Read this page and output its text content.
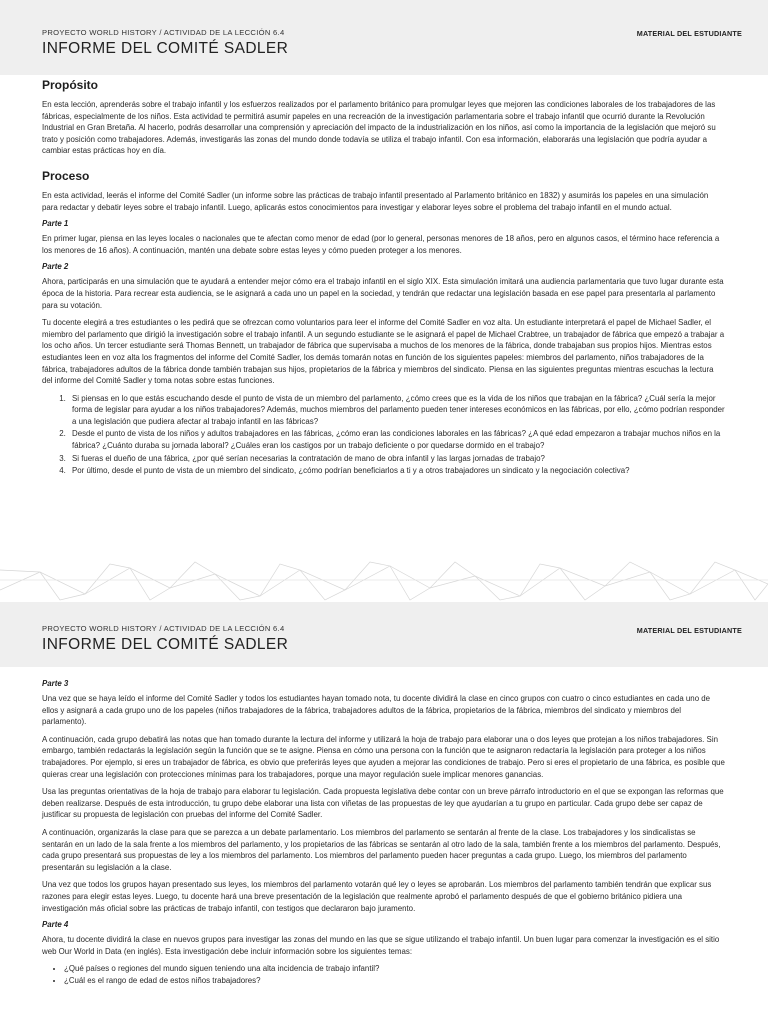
PROYECTO WORLD HISTORY / ACTIVIDAD DE LA LECCIÓN 6.4
INFORME DEL COMITÉ SADLER
MATERIAL DEL ESTUDIANTE
Propósito

En esta lección, aprenderás sobre el trabajo infantil y los esfuerzos realizados por el parlamento británico para promulgar leyes que mejoren las condiciones laborales de los trabajadores de las fábricas, especialmente de los niños. Esta actividad te permitirá asumir papeles en una recreación de la investigación parlamentaria sobre el trabajo infantil que ocurrió durante la Revolución Industrial en Gran Bretaña. Al hacerlo, podrás desarrollar una comprensión y apreciación del impacto de la industrialización en los niños, así como la importancia de la legislación que mejoró su trato y posición como trabajadores. Además, investigarás las zonas del mundo donde todavía se utiliza el trabajo infantil. Con esa información, elaborarás una legislación que podría ayudar a cambiar estas prácticas hoy en día.

Proceso

En esta actividad, leerás el informe del Comité Sadler (un informe sobre las prácticas de trabajo infantil presentado al Parlamento británico en 1832) y asumirás los papeles en una simulación para redactar y debatir leyes sobre el trabajo infantil. Luego, aplicarás estos conocimientos para investigar y elaborar leyes sobre el problema del trabajo infantil en el mundo actual.

Parte 1

En primer lugar, piensa en las leyes locales o nacionales que te afectan como menor de edad (por lo general, personas menores de 18 años, pero en algunos casos, el término hace referencia a los menores de 16 años). A continuación, mantén una debate sobre estas leyes y cómo pueden proteger a los menores.

Parte 2

Ahora, participarás en una simulación que te ayudará a entender mejor cómo era el trabajo infantil en el siglo XIX. Esta simulación imitará una audiencia parlamentaria que tuvo lugar durante esta época de la historia. Para recrear esta audiencia, se le asignará a cada uno un papel en la sociedad, y tendrán que redactar una legislación basada en ese papel para presentarla al parlamento para su votación.

Tu docente elegirá a tres estudiantes o les pedirá que se ofrezcan como voluntarios para leer el informe del Comité Sadler en voz alta. Un estudiante interpretará el papel de Michael Sadler, el miembro del parlamento que dirigió la investigación sobre el trabajo infantil. A un segundo estudiante se le asignará el papel de Michael Crabtree, un trabajador de fábrica que empezó a trabajar a los ocho años. Un tercer estudiante será Thomas Bennett, un trabajador de fábrica que supervisaba a muchos de los menores de la fábrica, donde trabajaban sus propios hijos. Mientras estos estudiantes leen en voz alta los fragmentos del informe del Comité Sadler, los demás tomarán notas en función de los siguientes papeles: miembros del parlamento, niños trabajadores de la fábrica, trabajadores adultos de la fábrica donde también trabajan sus hijos, propietarios de la fábrica y miembros del sindicato. Piensa en las siguientes preguntas mientras escuchas la lectura del informe del Comité Sadler y toma notas sobre estas funciones.

1. Si piensas en lo que estás escuchando desde el punto de vista de un miembro del parlamento, ¿cómo crees que es la vida de los niños que trabajan en la fábrica? ¿Cuál sería la mejor forma de legislar para ayudar a los niños trabajadores? Además, muchos miembros del parlamento pueden tener intereses económicos en las fábricas, por ello, ¿cómo podrían responder a una legislación que pudiera afectar al trabajo infantil en las fábricas?
2. Desde el punto de vista de los niños y adultos trabajadores en las fábricas, ¿cómo eran las condiciones laborales en las fábricas? ¿A qué edad empezaron a trabajar muchos niños en la fábrica? ¿Cuánto duraba su jornada laboral? ¿Cuáles eran los castigos por un trabajo deficiente o por quedarse dormido en el trabajo?
3. Si fueras el dueño de una fábrica, ¿por qué serían necesarias la contratación de mano de obra infantil y las largas jornadas de trabajo?
4. Por último, desde el punto de vista de un miembro del sindicato, ¿cómo podrían beneficiarlos a ti y a otros trabajadores un sindicato y la negociación colectiva?
PROYECTO WORLD HISTORY / ACTIVIDAD DE LA LECCIÓN 6.4
INFORME DEL COMITÉ SADLER
MATERIAL DEL ESTUDIANTE
Parte 3

Una vez que se haya leído el informe del Comité Sadler y todos los estudiantes hayan tomado nota, tu docente dividirá la clase en cinco grupos con cuatro o cinco estudiantes en cada uno de ellos y asignará a cada grupo uno de los papeles (niños trabajadores de la fábrica, trabajadores adultos de la fábrica, propietarios de la fábrica, miembros del sindicato y miembros del parlamento).

A continuación, cada grupo debatirá las notas que han tomado durante la lectura del informe y utilizará la hoja de trabajo para elaborar una o dos leyes que protejan a los niños trabajadores. Sin embargo, también redactarás la legislación según la función que se te asigne. Piensa en cómo una persona con la función que te asignaron redactaría la legislación para proteger a los niños trabajadores. Por ejemplo, si eres un trabajador de fábrica, es obvio que preferirás leyes que ayuden a mejorar las condiciones de trabajo. Pero si eres el propietario de una fábrica, es posible que quieras crear una legislación con protecciones mínimas para los trabajadores, porque una mayor regulación suele implicar menores ganancias.

Usa las preguntas orientativas de la hoja de trabajo para elaborar tu legislación. Cada propuesta legislativa debe contar con un breve párrafo introductorio en el que se expongan las reformas que deben realizarse. Después de esta introducción, tu grupo debe elaborar una lista con viñetas de las propuestas de ley que ayudarían a tu grupo en particular. Cada grupo debe ser capaz de justificar su propuesta de legislación con pruebas del informe del Comité Sadler.

A continuación, organizarás la clase para que se parezca a un debate parlamentario. Los miembros del parlamento se sentarán al frente de la clase. Los trabajadores y los sindicalistas se sentarán en un lado de la sala frente a los miembros del parlamento, y los propietarios de las fábricas se sentarán al otro lado de la sala, también frente a los miembros del parlamento. Después, cada grupo presentará sus propuestas de ley a los miembros del parlamento. Los miembros del parlamento pueden hacer preguntas a cada grupo. Luego, los miembros del parlamento presentarán su legislación a la clase.

Una vez que todos los grupos hayan presentado sus leyes, los miembros del parlamento votarán qué ley o leyes se aprobarán. Los miembros del parlamento también tendrán que explicar sus razones para elegir estas leyes. Luego, tu docente hará una breve presentación de la legislación que realmente aprobó el parlamento después de que el gobierno británico pidiera una investigación más oficial sobre las prácticas de trabajo infantil, con testigos que declararon bajo juramento.

Parte 4

Ahora, tu docente dividirá la clase en nuevos grupos para investigar las zonas del mundo en las que se sigue utilizando el trabajo infantil. Un buen lugar para comenzar la investigación es el sitio web Our World in Data (en inglés). Esta investigación debe incluir información sobre los siguientes temas:

• ¿Qué países o regiones del mundo siguen teniendo una alta incidencia de trabajo infantil?
• ¿Cuál es el rango de edad de estos niños trabajadores?
